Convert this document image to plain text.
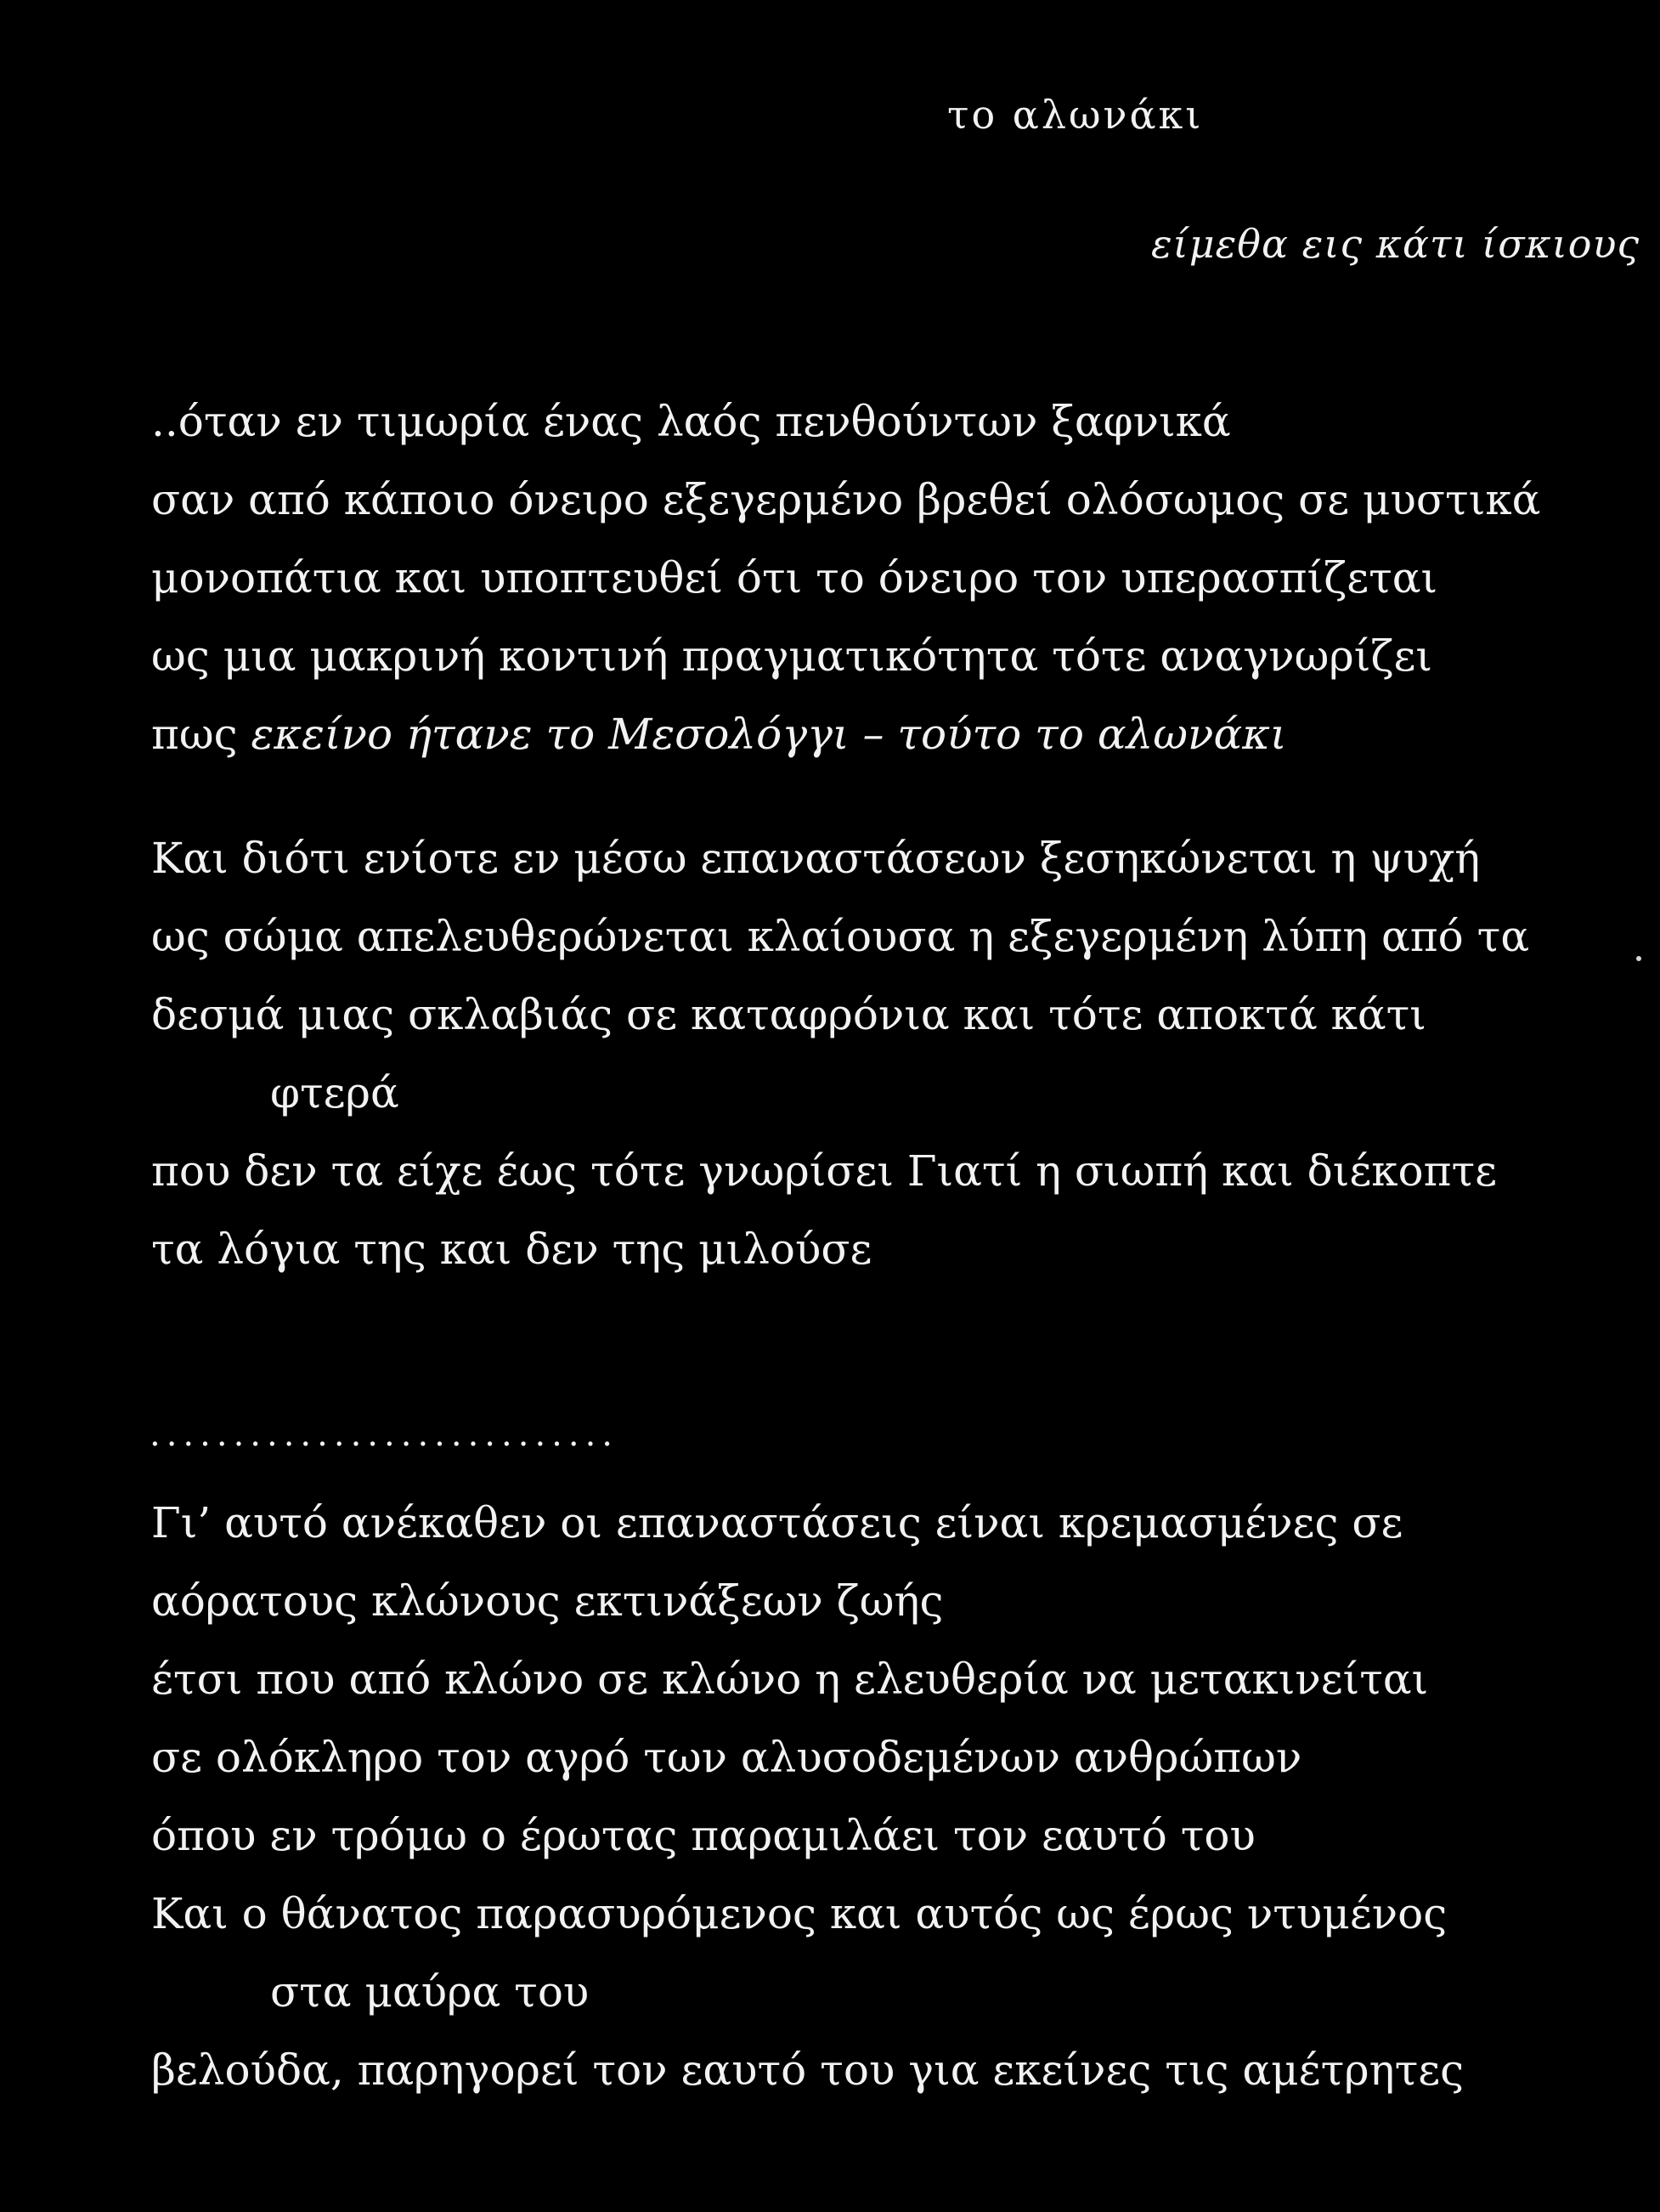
το αλωνάκι
είμεθα εις κάτι ίσκιους
..όταν εν τιμωρία ένας λαός πενθούντων ξαφνικά
σαν από κάποιο όνειρο εξεγερμένο βρεθεί ολόσωμος σε μυστικά
μονοπάτια και υποπτευθεί ότι το όνειρο τον υπερασπίζεται
ως μια μακρινή κοντινή πραγματικότητα τότε αναγνωρίζει
πως εκείνο ήτανε το Μεσολόγγι – τούτο το αλωνάκι
Και διότι ενίοτε εν μέσω επαναστάσεων ξεσηκώνεται η ψυχή
ως σώμα απελευθερώνεται κλαίουσα η εξεγερμένη λύπη από τα
δεσμά μιας σκλαβιάς σε καταφρόνια και τότε αποκτά κάτι
φτερά
που δεν τα είχε έως τότε γνωρίσει Γιατί η σιωπή και διέκοπτε
τα λόγια της και δεν της μιλούσε
............................
Γι’ αυτό ανέκαθεν οι επαναστάσεις είναι κρεμασμένες σε
αόρατους κλώνους εκτινάξεων ζωής
έτσι που από κλώνο σε κλώνο η ελευθερία να μετακινείται
σε ολόκληρο τον αγρό των αλυσοδεμένων ανθρώπων
όπου εν τρόμω ο έρωτας παραμιλάει τον εαυτό του
Και ο θάνατος παρασυρόμενος και αυτός ως έρως ντυμένος
στα μαύρα του
βελούδα, παρηγορεί τον εαυτό του για εκείνες τις αμέτρητες
